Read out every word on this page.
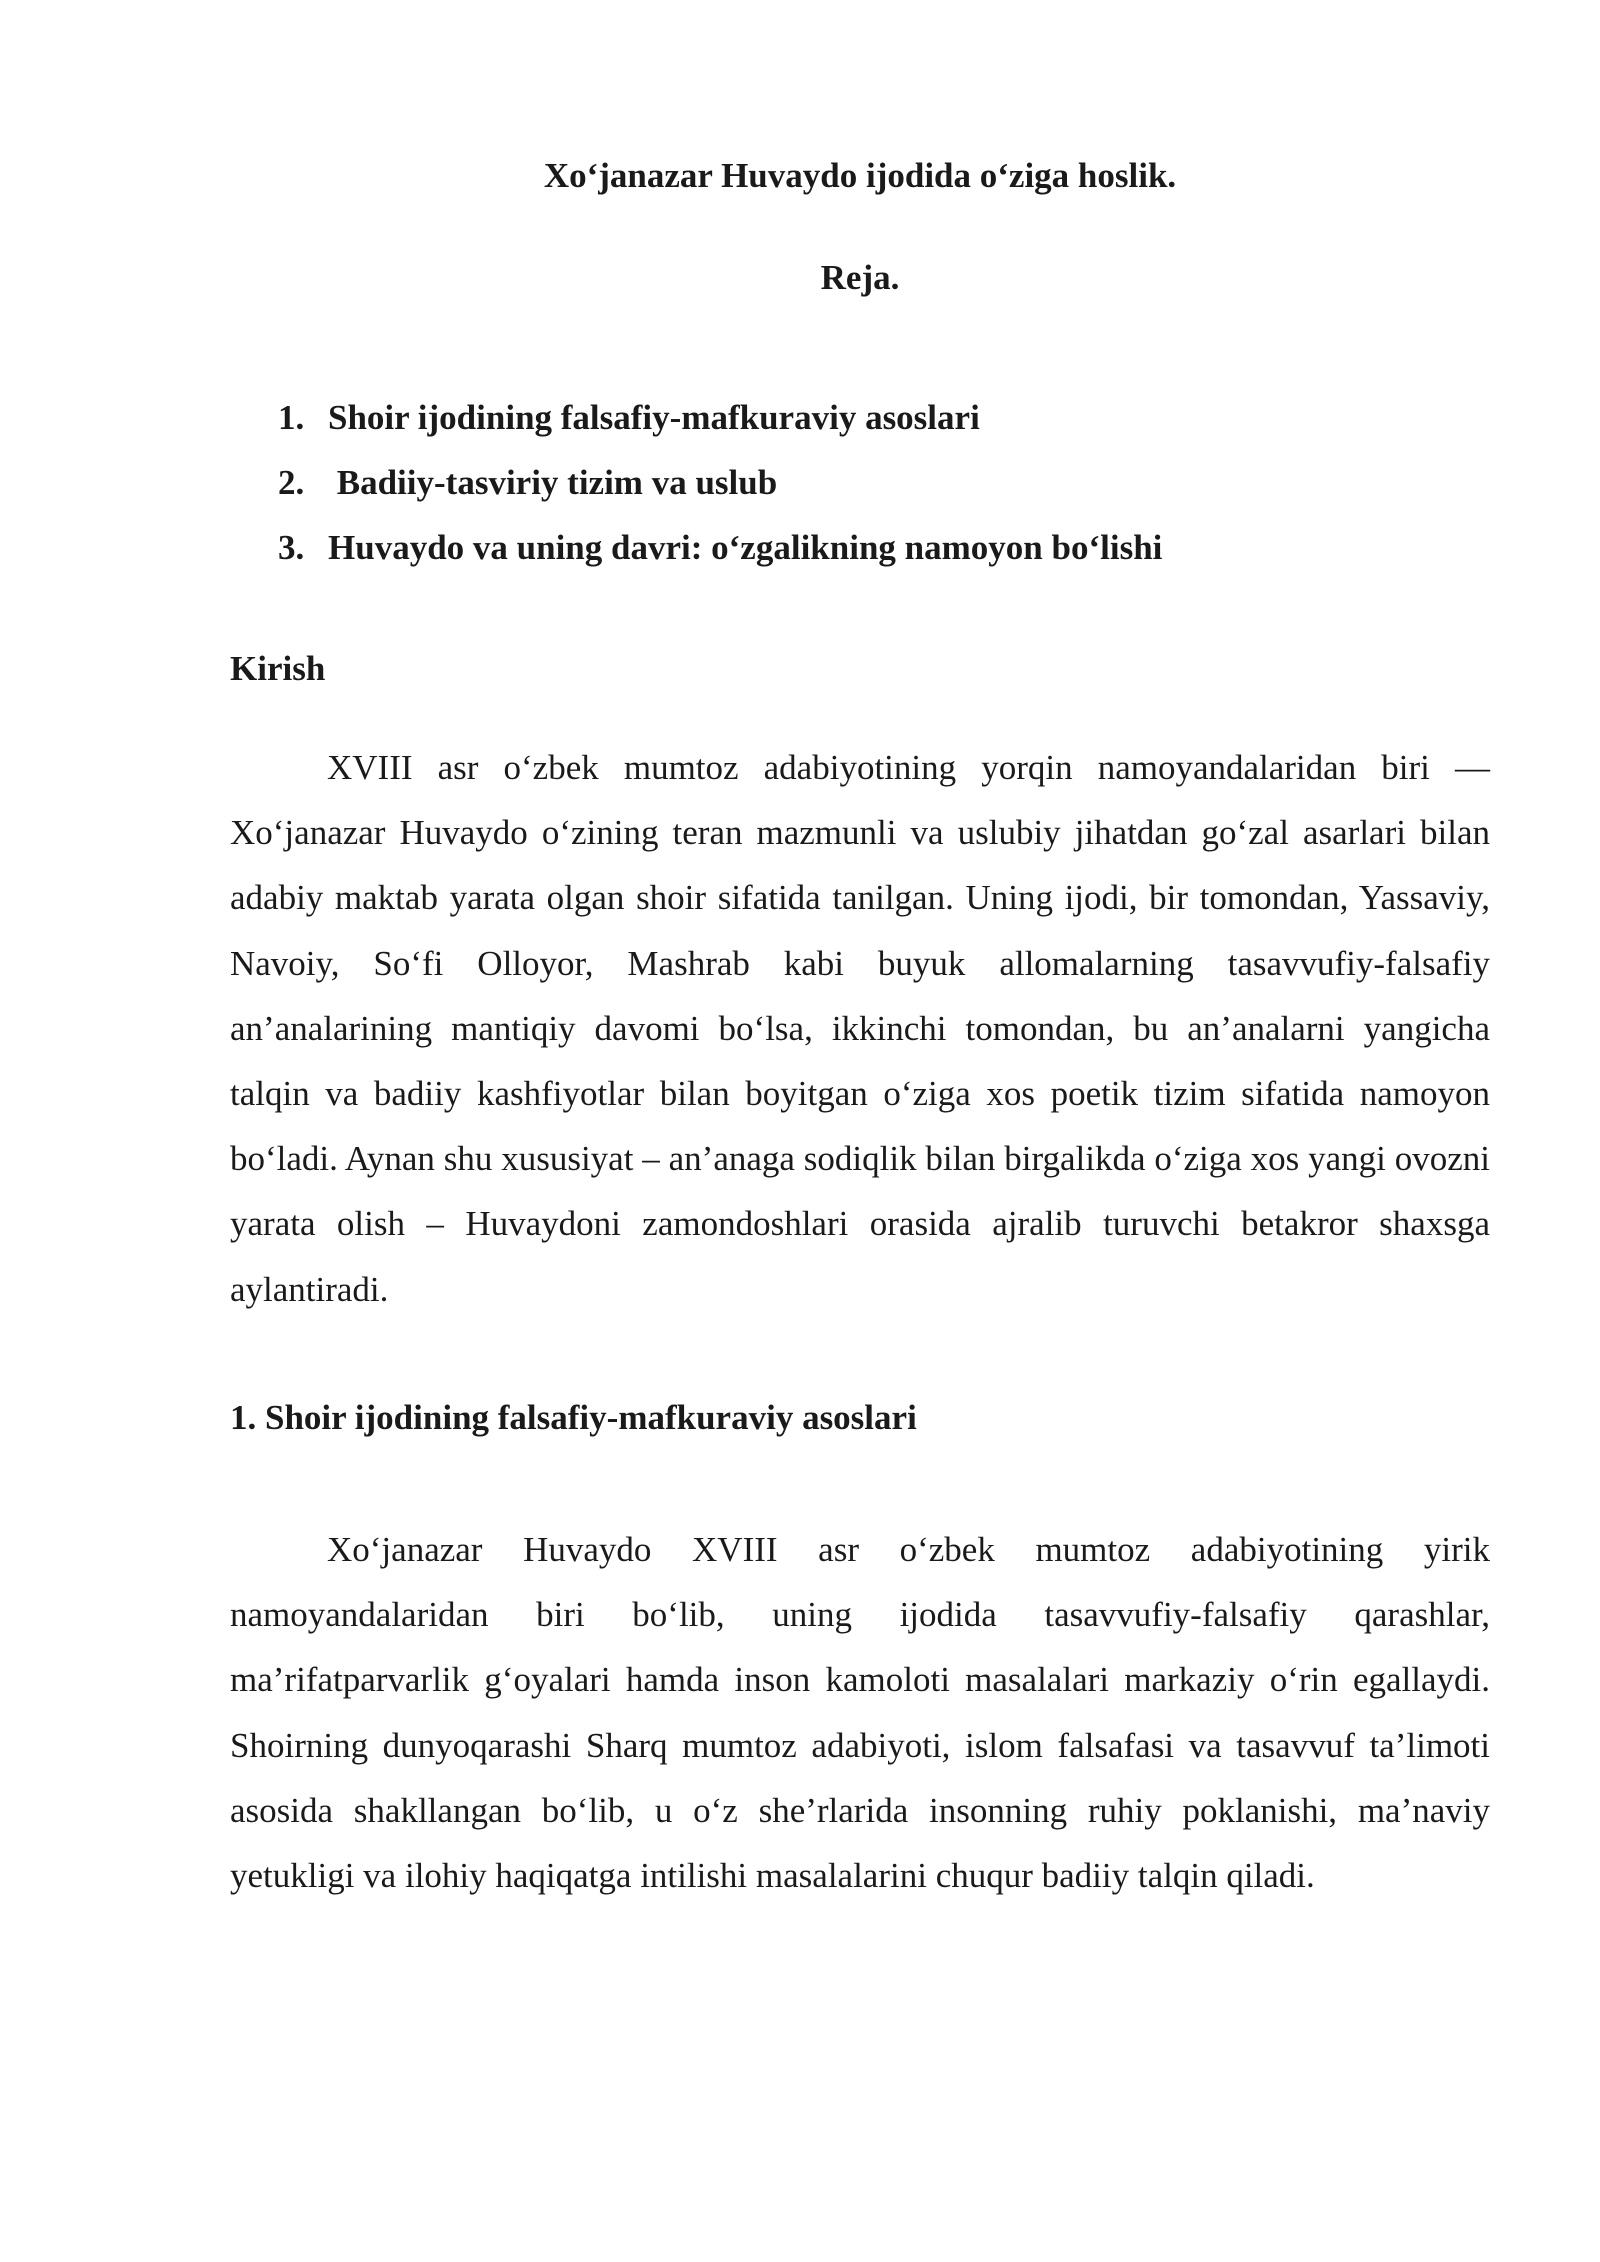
Xo‘janazar Huvaydo ijodida o‘ziga hoslik.
Reja.
1. Shoir ijodining falsafiy-mafkuraviy asoslari
2. Badiiy-tasviriy tizim va uslub
3. Huvaydo va uning davri: o‘zgalikning namoyon bo‘lishi
Kirish

XVIII asr o‘zbek mumtoz adabiyotining yorqin namoyandalaridan biri — Xo‘janazar Huvaydo o‘zining teran mazmunli va uslubiy jihatdan go‘zal asarlari bilan adabiy maktab yarata olgan shoir sifatida tanilgan. Uning ijodi, bir tomondan, Yassaviy, Navoiy, So‘fi Olloyor, Mashrab kabi buyuk allomalarning tasavvufiy-falsafiy an’analarining mantiqiy davomi bo‘lsa, ikkinchi tomondan, bu an’analarni yangicha talqin va badiiy kashfiyotlar bilan boyitgan o‘ziga xos poetik tizim sifatida namoyon bo‘ladi. Aynan shu xususiyat – an’anaga sodiqlik bilan birgalikda o‘ziga xos yangi ovozni yarata olish – Huvaydoni zamondoshlari orasida ajralib turuvchi betakror shaxsga aylantiradi.

1. Shoir ijodining falsafiy-mafkuraviy asoslari

Xo‘janazar Huvaydo XVIII asr o‘zbek mumtoz adabiyotining yirik namoyandalaridan biri bo‘lib, uning ijodida tasavvufiy-falsafiy qarashlar, ma’rifatparvarlik g‘oyalari hamda inson kamoloti masalalari markaziy o‘rin egallaydi. Shoirning dunyoqarashi Sharq mumtoz adabiyoti, islom falsafasi va tasavvuf ta’limoti asosida shakllangan bo‘lib, u o‘z she’rlarida insonning ruhiy poklanishi, ma’naviy yetukligi va ilohiy haqiqatga intilishi masalalarini chuqur badiiy talqin qiladi.
